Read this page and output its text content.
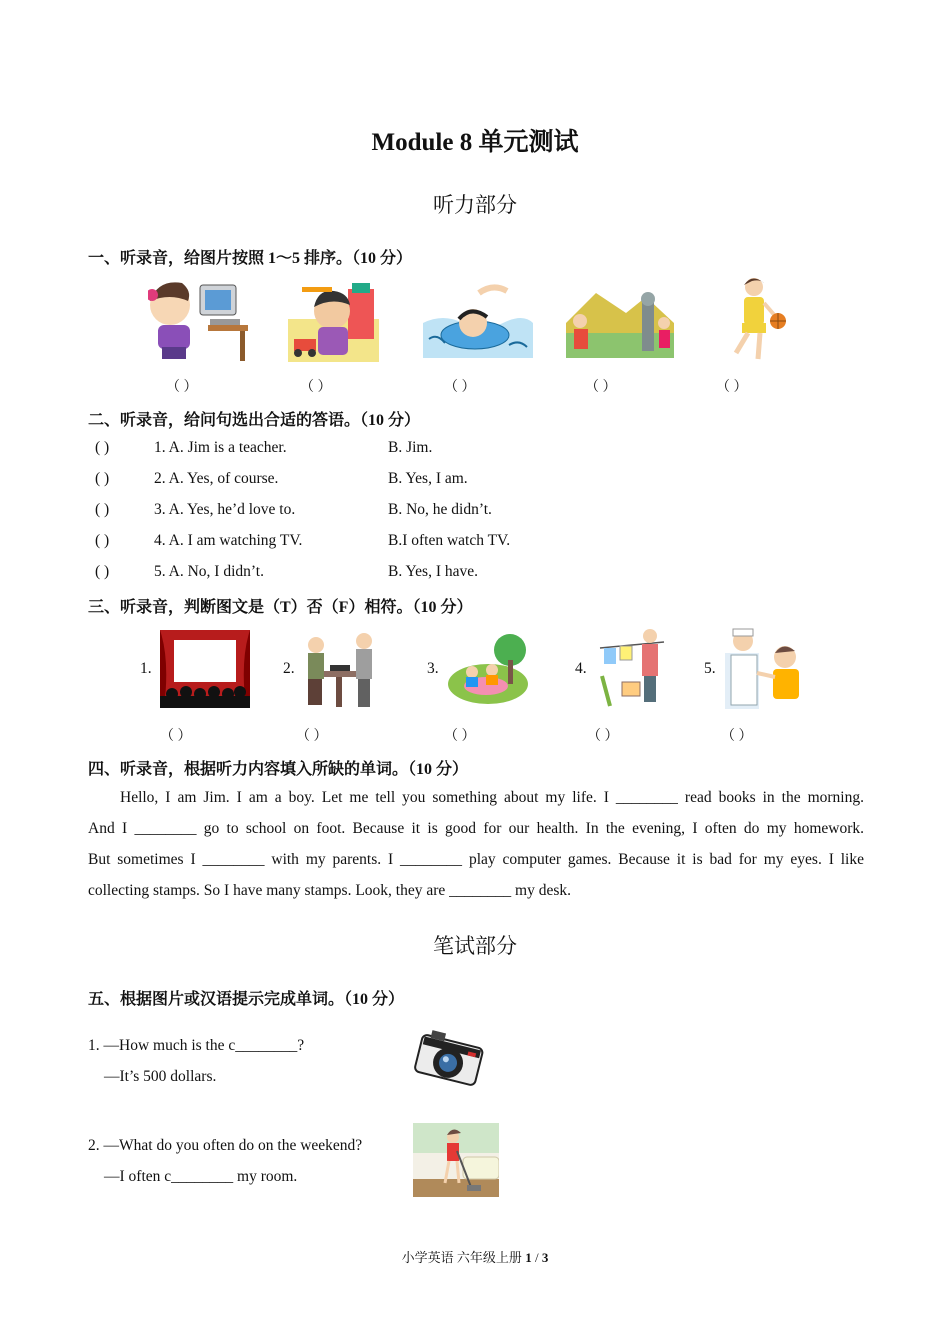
Module 8 单元测试
听力部分
一、听录音，给图片按照 1～5 排序。（10 分）
（ ）	（ ）	（ ）	（ ）	（ ）
二、听录音，给问句选出合适的答语。（10 分）
( )	1. A. Jim is a teacher.	B. Jim.
( )	2. A. Yes, of course.	B. Yes, I am.
( )	3. A. Yes, he’d love to.	B. No, he didn’t.
( )	4. A. I am watching TV.	B.I often watch TV.
( )	5. A. No, I didn’t.	B. Yes, I have.
三、听录音，判断图文是（T）否（F）相符。（10 分）
1.	2.	3.	4.	5.
（ ）	（ ）	（ ）	（ ）	（ ）
四、听录音，根据听力内容填入所缺的单词。（10 分）
Hello, I am Jim. I am a boy. Let me tell you something about my life. I ________ read books in the morning.
And I ________ go to school on foot. Because it is good for our health. In the evening, I often do my homework.
But sometimes I ________ with my parents. I ________ play computer games. Because it is bad for my eyes. I like
collecting stamps. So I have many stamps. Look, they are ________ my desk.
笔试部分
五、根据图片或汉语提示完成单词。（10 分）
1. —How much is the c________?
—It’s 500 dollars.
2. —What do you often do on the weekend?
—I often c________ my room.
小学英语 六年级上册 1 / 3
